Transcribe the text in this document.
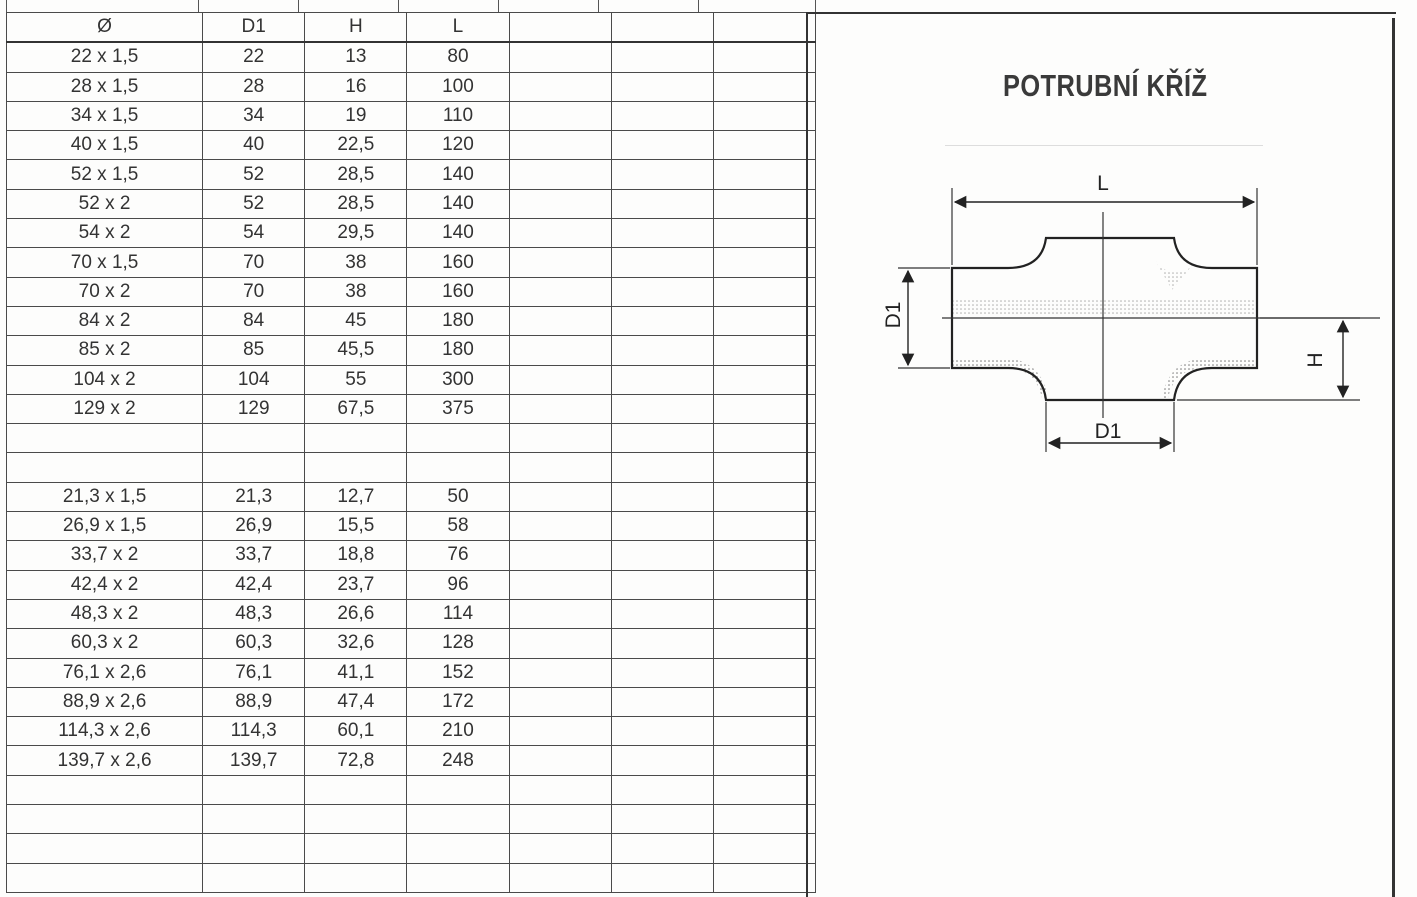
Ø	D1	H	L			
22 x 1,5	22	13	80			
28 x 1,5	28	16	100			
34 x 1,5	34	19	110			
40 x 1,5	40	22,5	120			
52 x 1,5	52	28,5	140			
52 x 2	52	28,5	140			
54 x 2	54	29,5	140			
70 x 1,5	70	38	160			
70 x 2	70	38	160			
84 x 2	84	45	180			
85 x 2	85	45,5	180			
104 x 2	104	55	300			
129 x 2	129	67,5	375			

21,3 x 1,5	21,3	12,7	50			
26,9 x 1,5	26,9	15,5	58			
33,7 x 2	33,7	18,8	76			
42,4 x 2	42,4	23,7	96			
48,3 x 2	48,3	26,6	114			
60,3 x 2	60,3	32,6	128			
76,1 x 2,6	76,1	41,1	152			
88,9 x 2,6	88,9	47,4	172			
114,3 x 2,6	114,3	60,1	210			
139,7 x 2,6	139,7	72,8	248			

POTRUBNÍ KŘÍŽ
L
D1
H
D1
